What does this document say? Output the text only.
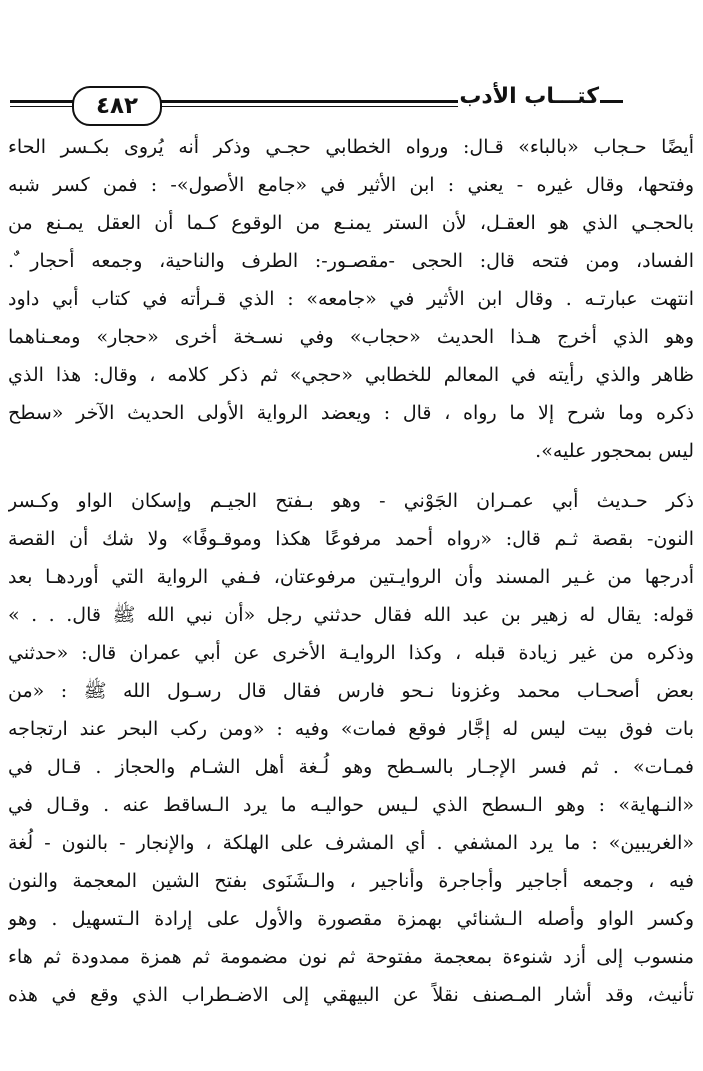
٤٨٢	كتـــاب الأدب
أيضًا حـجاب «بالباء» قـال: ورواه الخطابي حجـي وذكر أنه يُروى بكـسر الحاء
وفتحها، وقال غيره - يعني : ابن الأثير في «جامع الأصول»- : فمن كسر شبه
بالحجـي الذي هو العقـل، لأن الستر يمنـع من الوقوع كـما أن العقل يمـنع من
الفساد، ومن فتحه قال: الحجى -مقصـور-: الطرف والناحية، وجمعه أحجار ٌ.
انتهت عبارتـه . وقال ابن الأثير في «جامعه» : الذي قـرأته في كتاب أبي داود
وهو الذي أخرج هـذا الحديث «حجاب» وفي نسـخة أخرى «حجار» ومعـناهما
ظاهر والذي رأيته في المعالم للخطابي «حجي» ثم ذكر كلامه ، وقال: هذا الذي
ذكره وما شرح إلا ما رواه ، قال : ويعضد الرواية الأولى الحديث الآخر «سطح
ليس بمحجور عليه».
ذكر حـديث أبي عمـران الجَوْني - وهو بـفتح الجيـم وإسكان الواو وكـسر
النون- بقصة ثـم قال: «رواه أحمد مرفوعًا هكذا وموقـوفًا» ولا شك أن القصة
أدرجها من غـير المسند وأن الروايـتين مرفوعتان، فـفي الرواية التي أوردهـا بعد
قوله: يقال له زهير بن عبد الله فقال حدثني رجل «أن نبي الله ﷺ قال. . . »
وذكره من غير زيادة قبله ، وكذا الروايـة الأخرى عن أبي عمران قال: «حدثني
بعض أصحـاب محمد وغزونا نـحو فارس فقال قال رسـول الله ﷺ : «من
بات فوق بيت ليس له إجَّار فوقع فمات» وفيه : «ومن ركب البحر عند ارتجاجه
فمـات» . ثم فسر الإجـار بالسـطح وهو لُـغة أهل الشـام والحجاز . قـال في
«النـهاية» : وهو الـسطح الذي لـيس حواليـه ما يرد الـساقط عنه . وقـال في
«الغريبين» : ما يرد المشفي . أي المشرف على الهلكة ، والإنجار - بالنون - لُغة
فيه ، وجمعه أجاجير وأجاجرة وأناجير ، والـشَنَوى بفتح الشين المعجمة والنون
وكسر الواو وأصله الـشنائي بهمزة مقصورة والأول على إرادة الـتسهيل . وهو
منسوب إلى أزد شنوءة بمعجمة مفتوحة ثم نون مضمومة ثم همزة ممدودة ثم هاء
تأنيث، وقد أشار المـصنف نقلاً عن البيهقي إلى الاضـطراب الذي وقع في هذه
